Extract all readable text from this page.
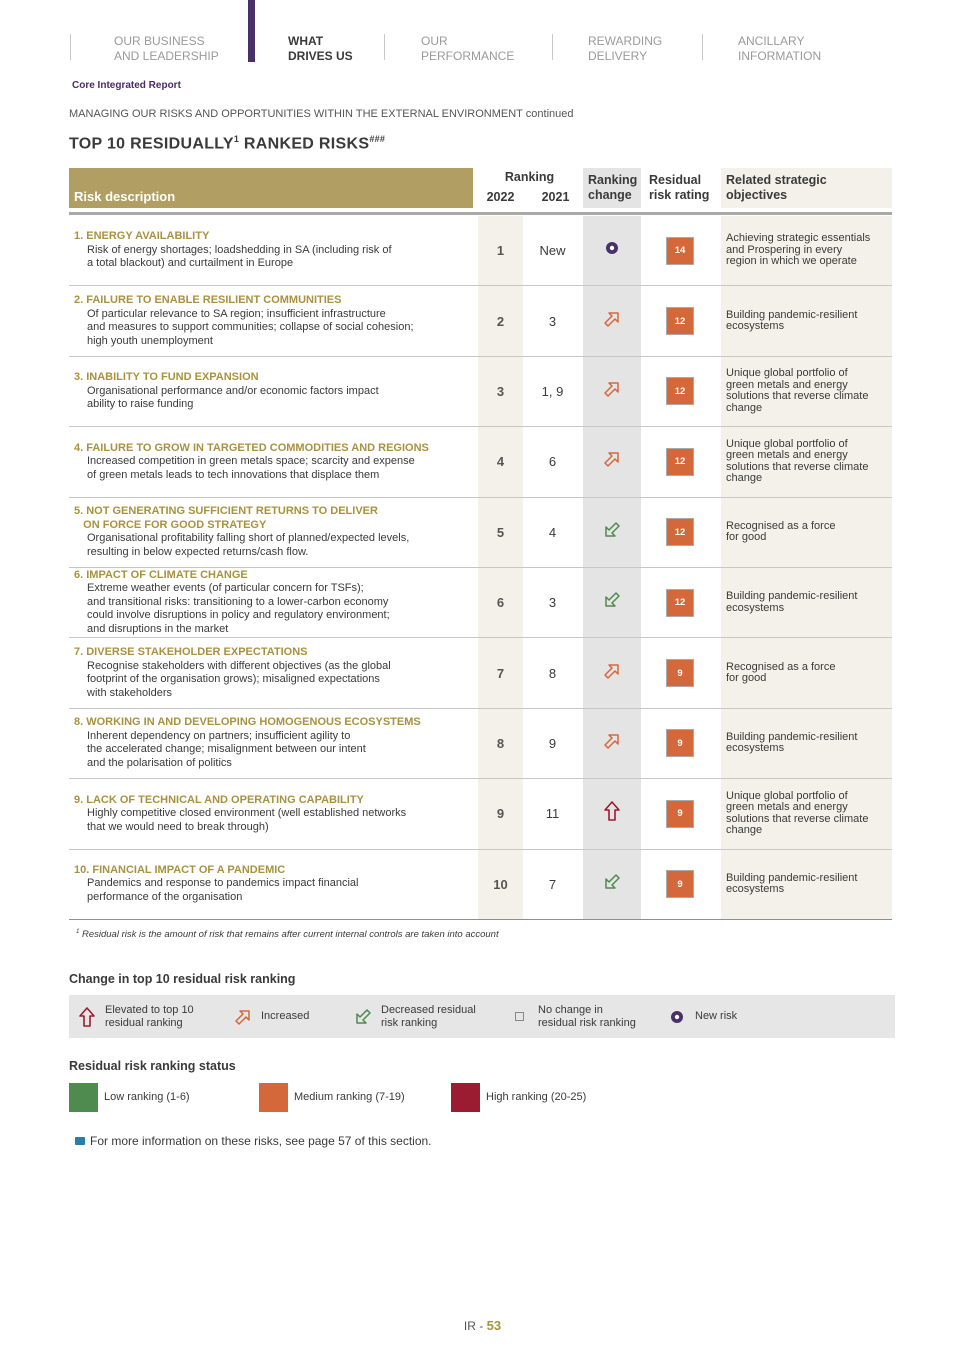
OUR BUSINESS
AND LEADERSHIP
WHAT
DRIVES US
OUR
PERFORMANCE
REWARDING
DELIVERY
ANCILLARY
INFORMATION
Core Integrated Report
MANAGING OUR RISKS AND OPPORTUNITIES WITHIN THE EXTERNAL ENVIRONMENT continued
TOP 10 RESIDUALLY$^1$ RANKED RISKS###
Risk description
Ranking
2022	2021
Ranking
change
Residual
risk rating
Related strategic
objectives
1. ENERGY AVAILABILITY
Risk of energy shortages; loadshedding in SA (including risk of
a total blackout) and curtailment in Europe
1	New	14
Achieving strategic essentials
and Prospering in every
region in which we operate
2. FAILURE TO ENABLE RESILIENT COMMUNITIES
Of particular relevance to SA region; insufficient infrastructure
and measures to support communities; collapse of social cohesion;
high youth unemployment
2	3	12
Building pandemic-resilient
ecosystems
3. INABILITY TO FUND EXPANSION
Organisational performance and/or economic factors impact
ability to raise funding
3	1, 9	12
Unique global portfolio of
green metals and energy
solutions that reverse climate
change
4. FAILURE TO GROW IN TARGETED COMMODITIES AND REGIONS
Increased competition in green metals space; scarcity and expense
of green metals leads to tech innovations that displace them
4	6	12
Unique global portfolio of
green metals and energy
solutions that reverse climate
change
5. NOT GENERATING SUFFICIENT RETURNS TO DELIVER
ON FORCE FOR GOOD STRATEGY
Organisational profitability falling short of planned/expected levels,
resulting in below expected returns/cash flow.
5	4	12
Recognised as a force
for good
6. IMPACT OF CLIMATE CHANGE
Extreme weather events (of particular concern for TSFs);
and transitional risks: transitioning to a lower-carbon economy
could involve disruptions in policy and regulatory environment;
and disruptions in the market
6	3	12
Building pandemic-resilient
ecosystems
7. DIVERSE STAKEHOLDER EXPECTATIONS
Recognise stakeholders with different objectives (as the global
footprint of the organisation grows); misaligned expectations
with stakeholders
7	8	9
Recognised as a force
for good
8. WORKING IN AND DEVELOPING HOMOGENOUS ECOSYSTEMS
Inherent dependency on partners; insufficient agility to
the accelerated change; misalignment between our intent
and the polarisation of politics
8	9	9
Building pandemic-resilient
ecosystems
9. LACK OF TECHNICAL AND OPERATING CAPABILITY
Highly competitive closed environment (well established networks
that we would need to break through)
9	11	9
Unique global portfolio of
green metals and energy
solutions that reverse climate
change
10. FINANCIAL IMPACT OF A PANDEMIC
Pandemics and response to pandemics impact financial
performance of the organisation
10	7	9
Building pandemic-resilient
ecosystems
$^1$ Residual risk is the amount of risk that remains after current internal controls are taken into account
Change in top 10 residual risk ranking
Elevated to top 10
residual ranking
Increased
Decreased residual
risk ranking
No change in
residual risk ranking
New risk
Residual risk ranking status
Low ranking (1-6)	Medium ranking (7-19)	High ranking (20-25)
For more information on these risks, see page 57 of this section.
IR - 53
